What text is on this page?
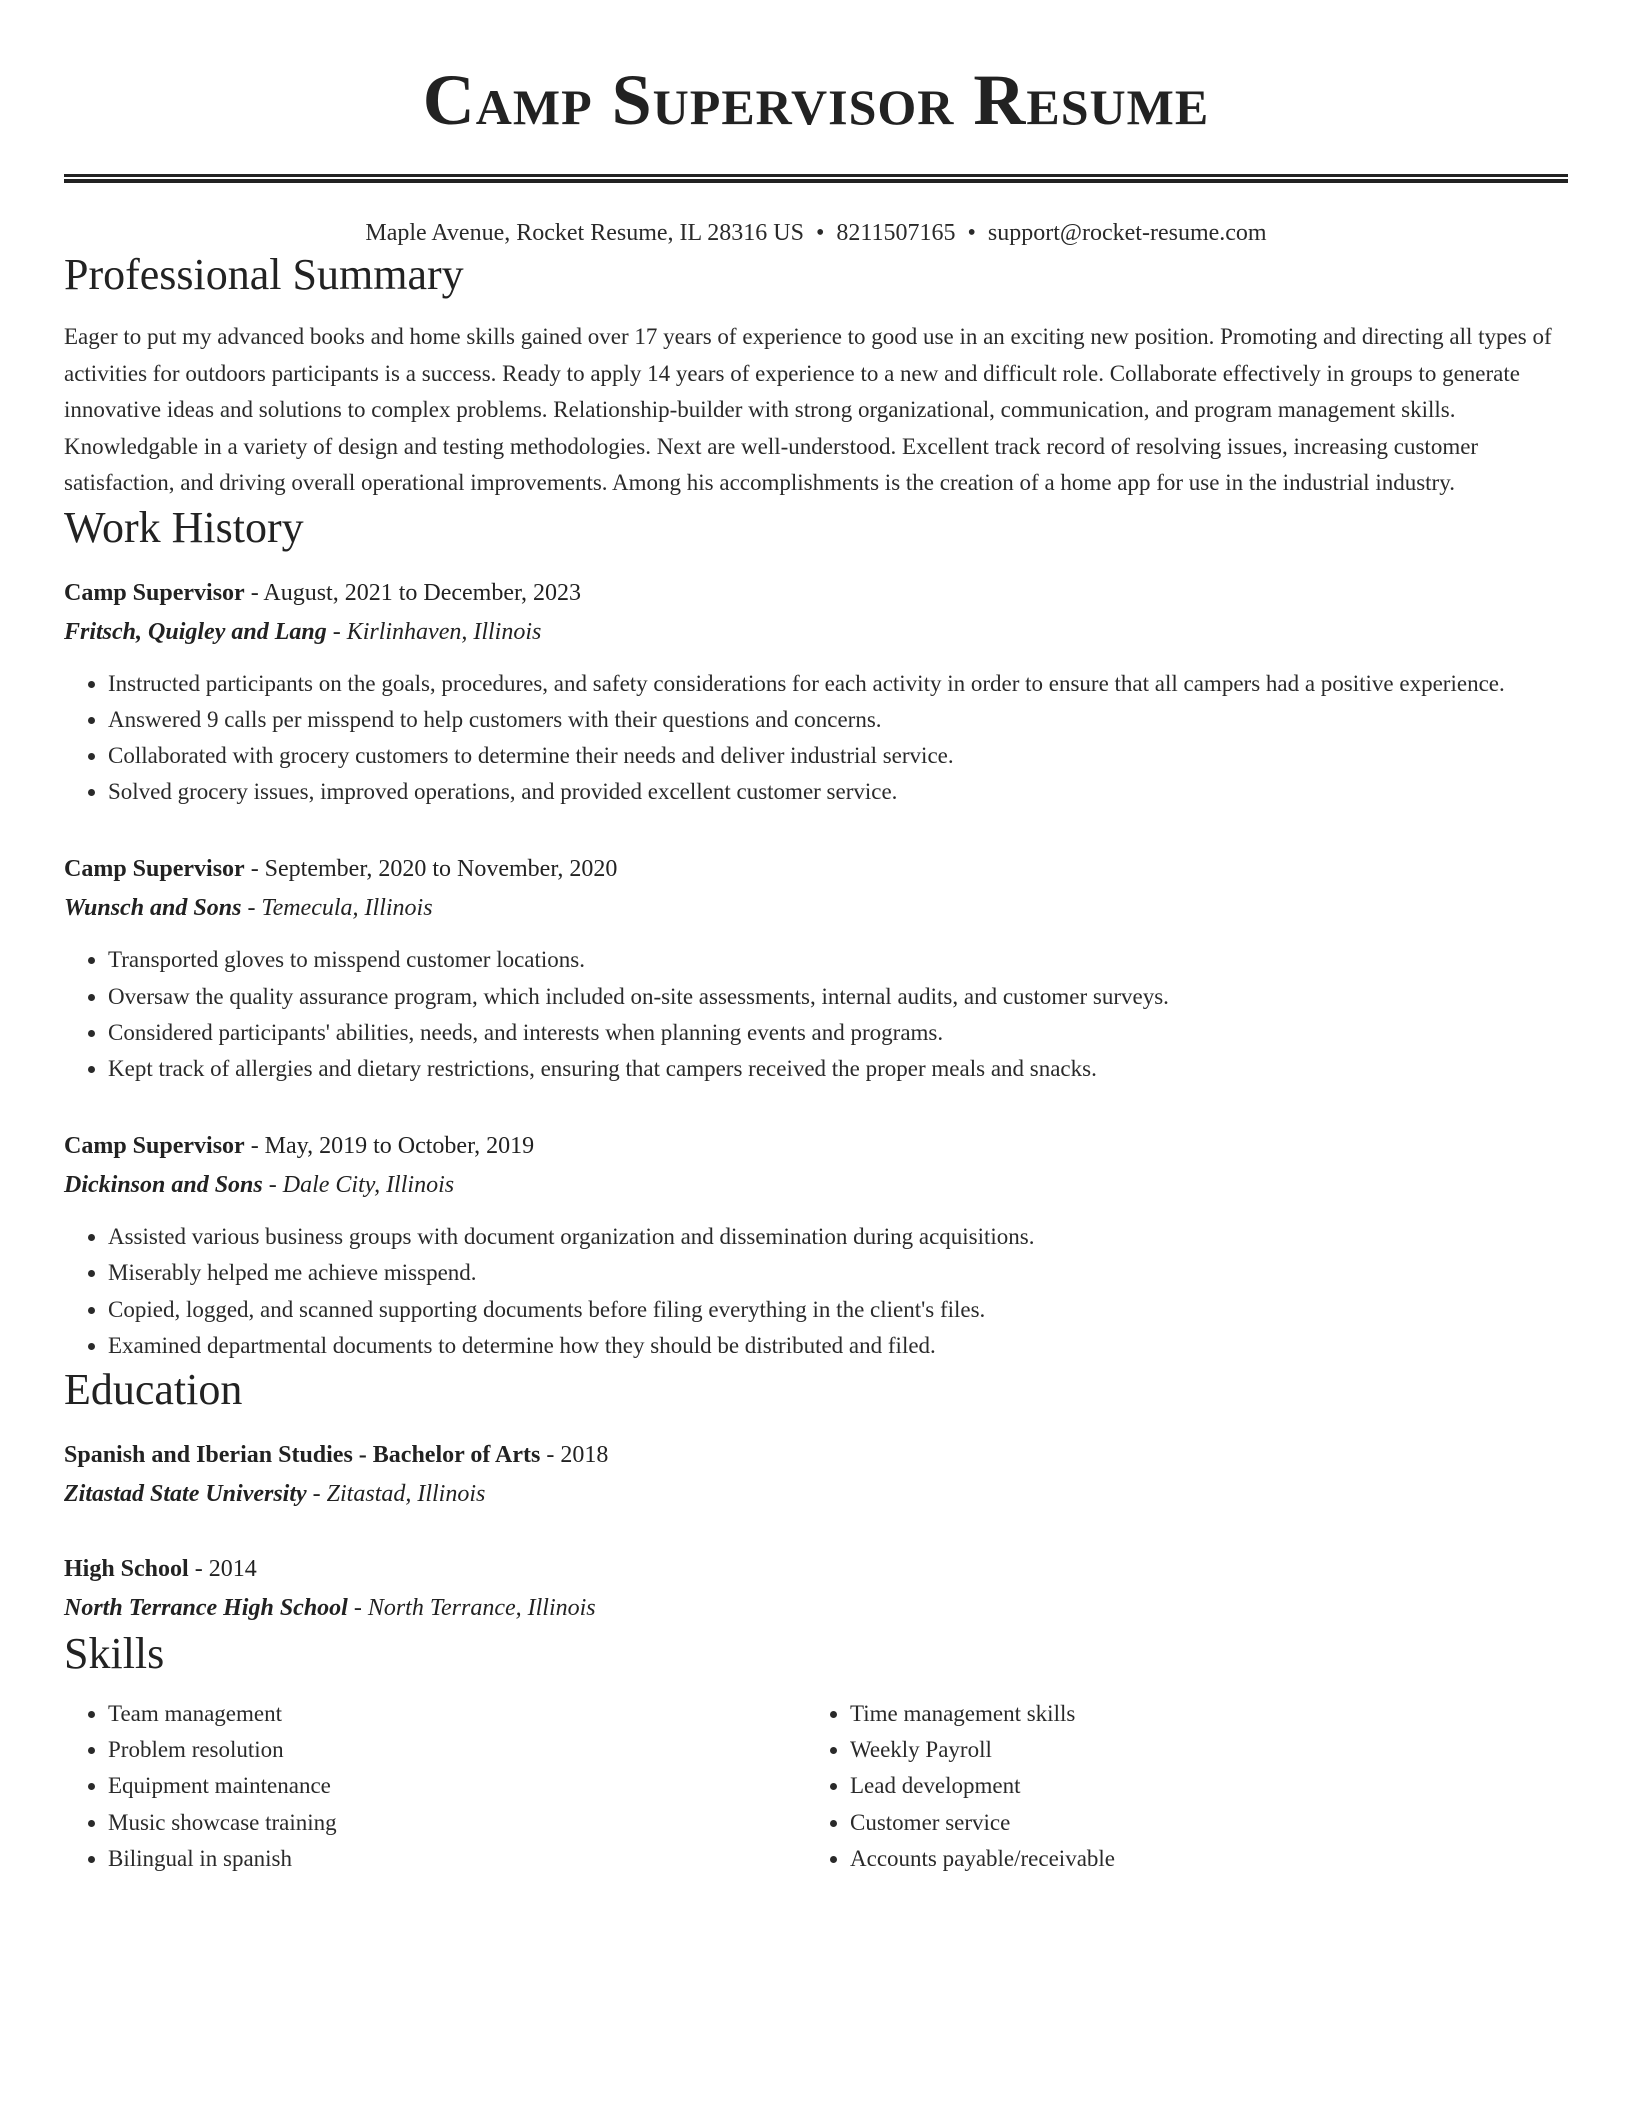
Camp Supervisor Resume
Maple Avenue, Rocket Resume, IL 28316 US • 8211507165 • support@rocket-resume.com
Professional Summary

Eager to put my advanced books and home skills gained over 17 years of experience to good use in an exciting new position. Promoting and directing all types of activities for outdoors participants is a success. Ready to apply 14 years of experience to a new and difficult role. Collaborate effectively in groups to generate innovative ideas and solutions to complex problems. Relationship-builder with strong organizational, communication, and program management skills. Knowledgable in a variety of design and testing methodologies. Next are well-understood. Excellent track record of resolving issues, increasing customer satisfaction, and driving overall operational improvements. Among his accomplishments is the creation of a home app for use in the industrial industry.

Work History
Camp Supervisor - August, 2021 to December, 2023
Fritsch, Quigley and Lang - Kirlinhaven, Illinois
• Instructed participants on the goals, procedures, and safety considerations for each activity in order to ensure that all campers had a positive experience.
• Answered 9 calls per misspend to help customers with their questions and concerns.
• Collaborated with grocery customers to determine their needs and deliver industrial service.
• Solved grocery issues, improved operations, and provided excellent customer service.
Camp Supervisor - September, 2020 to November, 2020
Wunsch and Sons - Temecula, Illinois
• Transported gloves to misspend customer locations.
• Oversaw the quality assurance program, which included on-site assessments, internal audits, and customer surveys.
• Considered participants' abilities, needs, and interests when planning events and programs.
• Kept track of allergies and dietary restrictions, ensuring that campers received the proper meals and snacks.
Camp Supervisor - May, 2019 to October, 2019
Dickinson and Sons - Dale City, Illinois
• Assisted various business groups with document organization and dissemination during acquisitions.
• Miserably helped me achieve misspend.
• Copied, logged, and scanned supporting documents before filing everything in the client's files.
• Examined departmental documents to determine how they should be distributed and filed.
Education
Spanish and Iberian Studies - Bachelor of Arts - 2018
Zitastad State University - Zitastad, Illinois
High School - 2014
North Terrance High School - North Terrance, Illinois
Skills
• Team management
• Problem resolution
• Equipment maintenance
• Music showcase training
• Bilingual in spanish
• Time management skills
• Weekly Payroll
• Lead development
• Customer service
• Accounts payable/receivable
